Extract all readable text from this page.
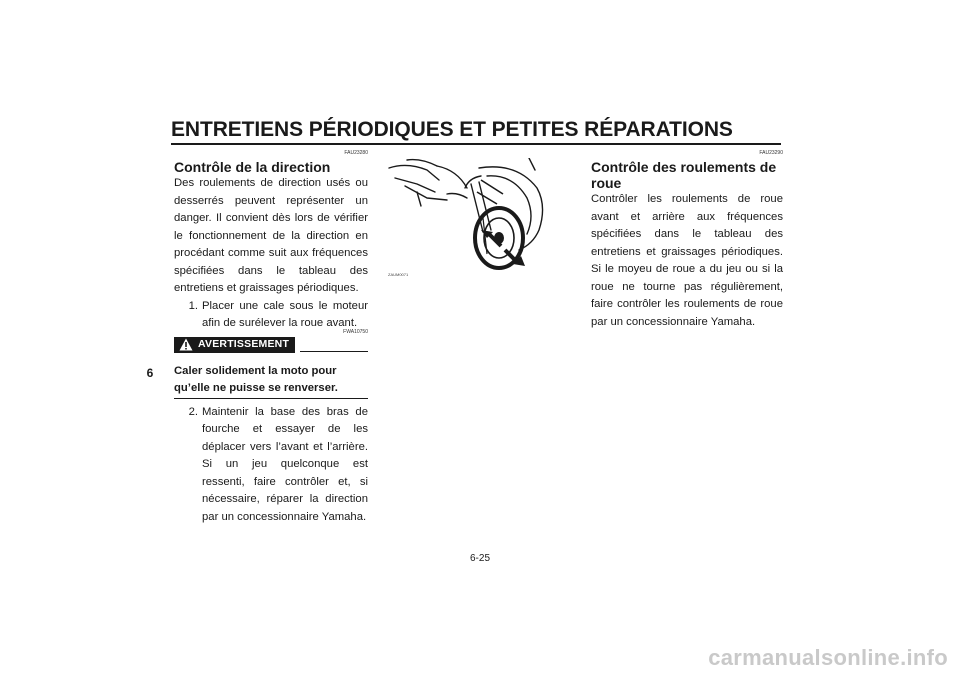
ENTRETIENS PÉRIODIQUES ET PETITES RÉPARATIONS
6

FAU23280

Contrôle de la direction

Des roulements de direction usés ou desserrés peuvent représenter un danger. Il convient dès lors de vérifier le fonctionnement de la direction en procédant comme suit aux fréquences spécifiées dans le tableau des entretiens et graissages périodiques.

1. Placer une cale sous le moteur afin de surélever la roue avant.

FWA10750

AVERTISSEMENT

Caler solidement la moto pour qu’elle ne puisse se renverser.

2. Maintenir la base des bras de fourche et essayer de les déplacer vers l’avant et l’arrière. Si un jeu quelconque est ressenti, faire contrôler et, si nécessaire, réparer la direction par un concessionnaire Yamaha.
ZAUM0071

FAU23290

Contrôle des roulements de roue

Contrôler les roulements de roue avant et arrière aux fréquences spécifiées dans le tableau des entretiens et graissages périodiques. Si le moyeu de roue a du jeu ou si la roue ne tourne pas régulièrement, faire contrôler les roulements de roue par un concessionnaire Yamaha.

6-25
carmanualsonline.info
